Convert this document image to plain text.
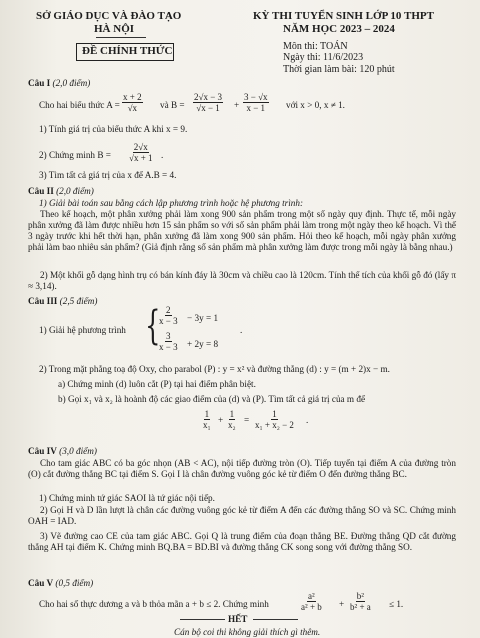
SỞ GIÁO DỤC VÀ ĐÀO TẠO
HÀ NỘI
ĐỀ CHÍNH THỨC
KỲ THI TUYỂN SINH LỚP 10 THPT
NĂM HỌC 2023 – 2024
Môn thi: TOÁN
Ngày thi: 11/6/2023
Thời gian làm bài: 120 phút
Câu I (2,0 điểm)
Cho hai biểu thức $A = \frac{x + 2}{√x}$ và $B = \frac{2√x - 3}{√x - 1} + \frac{3 - √x}{x - 1}$ với x > 0, x ≠ 1.
1) Tính giá trị của biểu thức A khi x = 9.
2) Chứng minh $B = \frac{2√x}{√x + 1}$ .
3) Tìm tất cả giá trị của x để A.B = 4.
Câu II (2,0 điểm)
1) Giải bài toán sau bằng cách lập phương trình hoặc hệ phương trình:
Theo kế hoạch, một phân xưởng phải làm xong 900 sản phẩm trong một số ngày quy định. Thực tế, mỗi ngày phân xưởng đã làm được nhiều hơn 15 sản phẩm so với số sản phẩm phải làm trong một ngày theo kế hoạch. Vì thế 3 ngày trước khi hết thời hạn, phân xưởng đã làm xong 900 sản phẩm. Hỏi theo kế hoạch, mỗi ngày phân xưởng phải làm bao nhiêu sản phẩm? (Giả định rằng số sản phẩm mà phân xưởng làm được trong mỗi ngày là bằng nhau.)
2) Một khối gỗ dạng hình trụ có bán kính đáy là 30cm và chiều cao là 120cm. Tính thể tích của khối gỗ đó (lấy π ≈ 3,14).
Câu III (2,5 điểm)
1) Giải hệ phương trình {
$\frac{2}{x - 3} - 3y = 1$
$\frac{3}{x - 3} + 2y = 8$
.
2) Trong mặt phẳng toạ độ Oxy, cho parabol (P) : y = x² và đường thẳng (d) : y = (m + 2)x − m.
a) Chứng minh (d) luôn cắt (P) tại hai điểm phân biệt.
b) Gọi x₁ và x₂ là hoành độ các giao điểm của (d) và (P). Tìm tất cả giá trị của m để
$\frac{1}{\text{x₁}} + \frac{1}{\text{x₂}} = \frac{1}{\text{x₁ + x₂ − 2}}$ .
Câu IV (3,0 điểm)
Cho tam giác ABC có ba góc nhọn (AB < AC), nội tiếp đường tròn (O). Tiếp tuyến tại điểm A của đường tròn (O) cắt đường thẳng BC tại điểm S. Gọi I là chân đường vuông góc kẻ từ điểm O đến đường thẳng BC.
1) Chứng minh tứ giác SAOI là tứ giác nội tiếp.
2) Gọi H và D lần lượt là chân các đường vuông góc kẻ từ điểm A đến các đường thẳng SO và SC. Chứng minh OAH = IAD.
3) Vẽ đường cao CE của tam giác ABC. Gọi Q là trung điểm của đoạn thẳng BE. Đường thẳng QD cắt đường thẳng AH tại điểm K. Chứng minh BQ.BA = BD.BI và đường thẳng CK song song với đường thẳng SO.
Câu V (0,5 điểm)
Cho hai số thực dương a và b thỏa mãn a + b ≤ 2. Chứng minh	$\frac{\text{a²}}{\text{a² + b}} + \frac{\text{b²}}{\text{b² + a}} \le 1$.
HẾT
Cán bộ coi thi không giải thích gì thêm.
